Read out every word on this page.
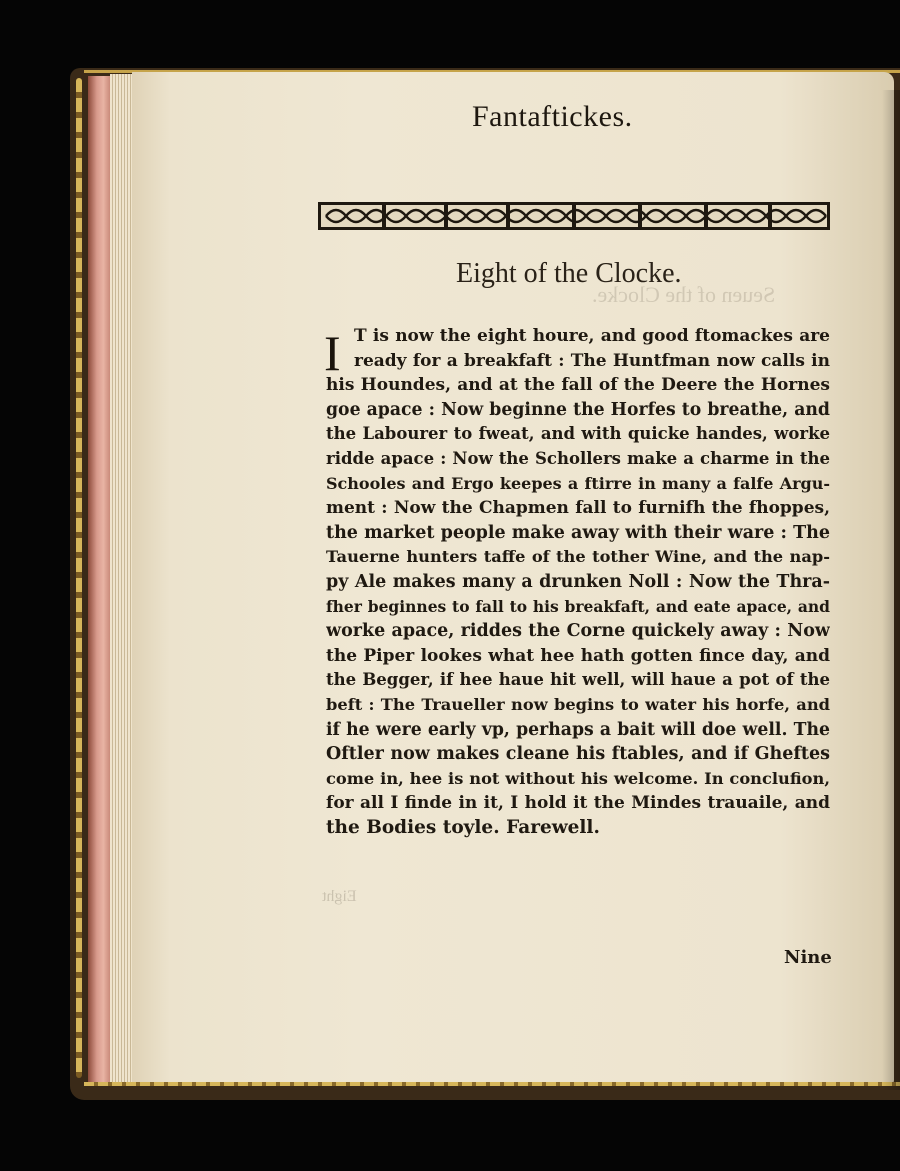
Fantaftickes.
Seuen of the Clocke.
Eight of the Clocke.
I T is now the eight houre, and good ftomackes are
ready for a breakfaft : The Huntfman now calls in
his Houndes, and at the fall of the Deere the Hornes
goe apace : Now beginne the Horfes to breathe, and
the Labourer to fweat, and with quicke handes, worke
ridde apace : Now the Schollers make a charme in the
Schooles and Ergo keepes a ftirre in many a falfe Argu-
ment : Now the Chapmen fall to furnifh the fhoppes,
the market people make away with their ware : The
Tauerne hunters taffe of the tother Wine, and the nap-
py Ale makes many a drunken Noll : Now the Thra-
fher beginnes to fall to his breakfaft, and eate apace, and
worke apace, riddes the Corne quickely away : Now
the Piper lookes what hee hath gotten fince day, and
the Begger, if hee haue hit well, will haue a pot of the
beft : The Traueller now begins to water his horfe, and
if he were early vp, perhaps a bait will doe well. The
Oftler now makes cleane his ftables, and if Gheftes
come in, hee is not without his welcome. In conclufion,
for all I finde in it, I hold it the Mindes trauaile, and
the Bodies toyle. Farewell.
Eight
Nine
